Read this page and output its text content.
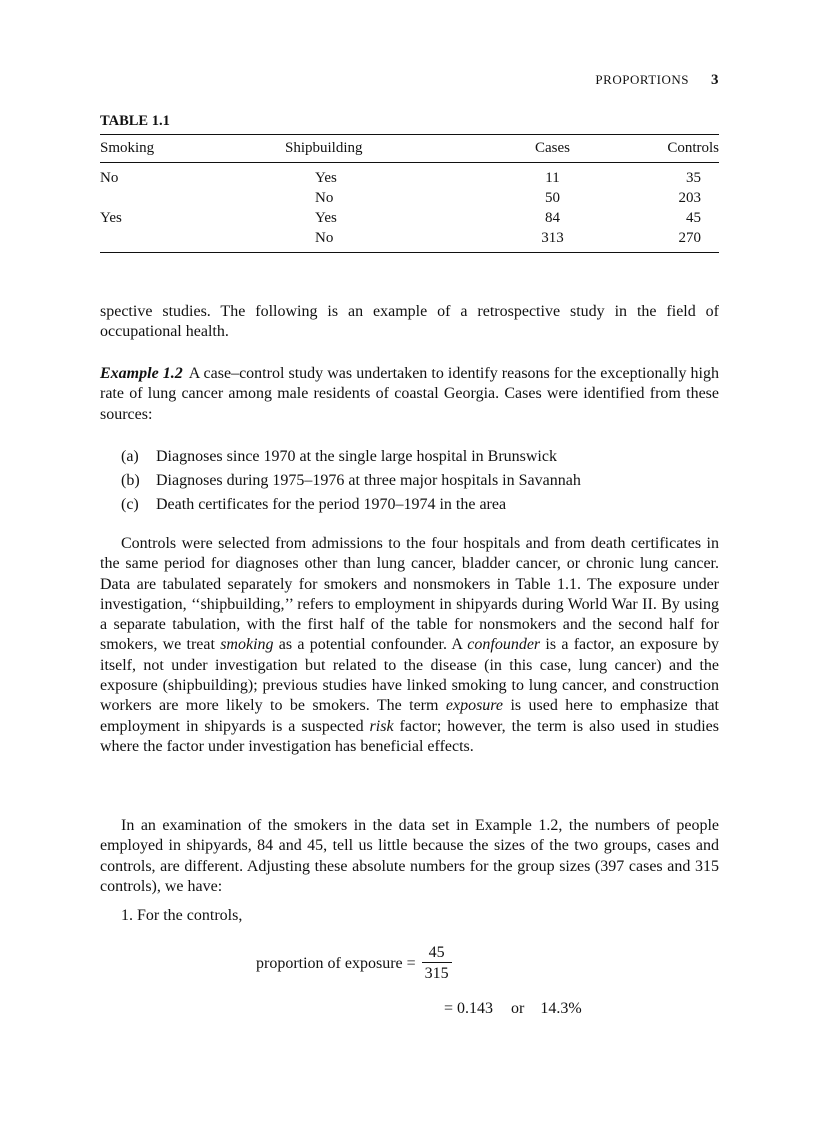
PROPORTIONS 3
TABLE 1.1
Smoking	Shipbuilding	Cases	Controls
No	Yes	11	35
	No	50	203
Yes	Yes	84	45
	No	313	270
spective studies. The following is an example of a retrospective study in the field of occupational health.
Example 1.2 A case–control study was undertaken to identify reasons for the exceptionally high rate of lung cancer among male residents of coastal Georgia. Cases were identified from these sources:
(a)	Diagnoses since 1970 at the single large hospital in Brunswick
(b)	Diagnoses during 1975–1976 at three major hospitals in Savannah
(c)	Death certificates for the period 1970–1974 in the area
Controls were selected from admissions to the four hospitals and from death certificates in the same period for diagnoses other than lung cancer, bladder cancer, or chronic lung cancer. Data are tabulated separately for smokers and nonsmokers in Table 1.1. The exposure under investigation, ‘‘shipbuilding,’’ refers to employment in shipyards during World War II. By using a separate tabulation, with the first half of the table for nonsmokers and the second half for smokers, we treat smoking as a potential confounder. A confounder is a factor, an exposure by itself, not under investigation but related to the disease (in this case, lung cancer) and the exposure (shipbuilding); previous studies have linked smoking to lung cancer, and construction workers are more likely to be smokers. The term exposure is used here to emphasize that employment in shipyards is a suspected risk factor; however, the term is also used in studies where the factor under investigation has beneficial effects.
In an examination of the smokers in the data set in Example 1.2, the numbers of people employed in shipyards, 84 and 45, tell us little because the sizes of the two groups, cases and controls, are different. Adjusting these absolute numbers for the group sizes (397 cases and 315 controls), we have:
1. For the controls,
proportion of exposure = $\frac{45}{315}$
= 0.143 or 14.3%
